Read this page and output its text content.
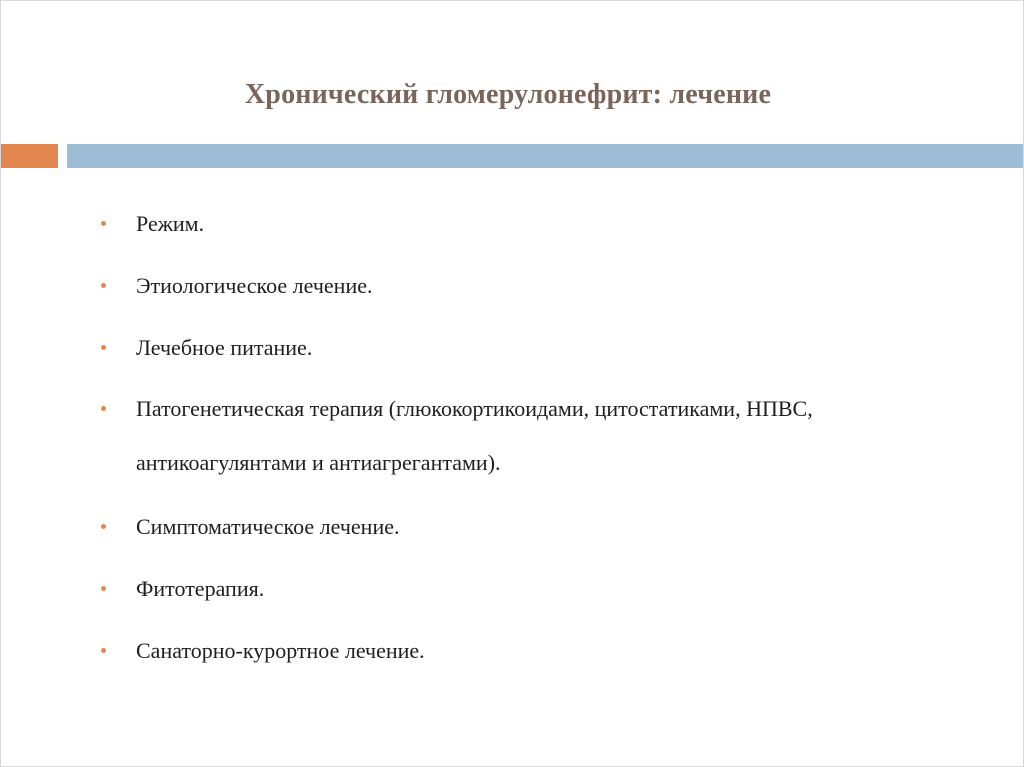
Хронический гломерулонефрит: лечение
Режим.
Этиологическое лечение.
Лечебное питание.
Патогенетическая терапия (глюкокортикоидами, цитостатиками, НПВС, антикоагулянтами и антиагрегантами).
Симптоматическое лечение.
Фитотерапия.
Санаторно-курортное лечение.
